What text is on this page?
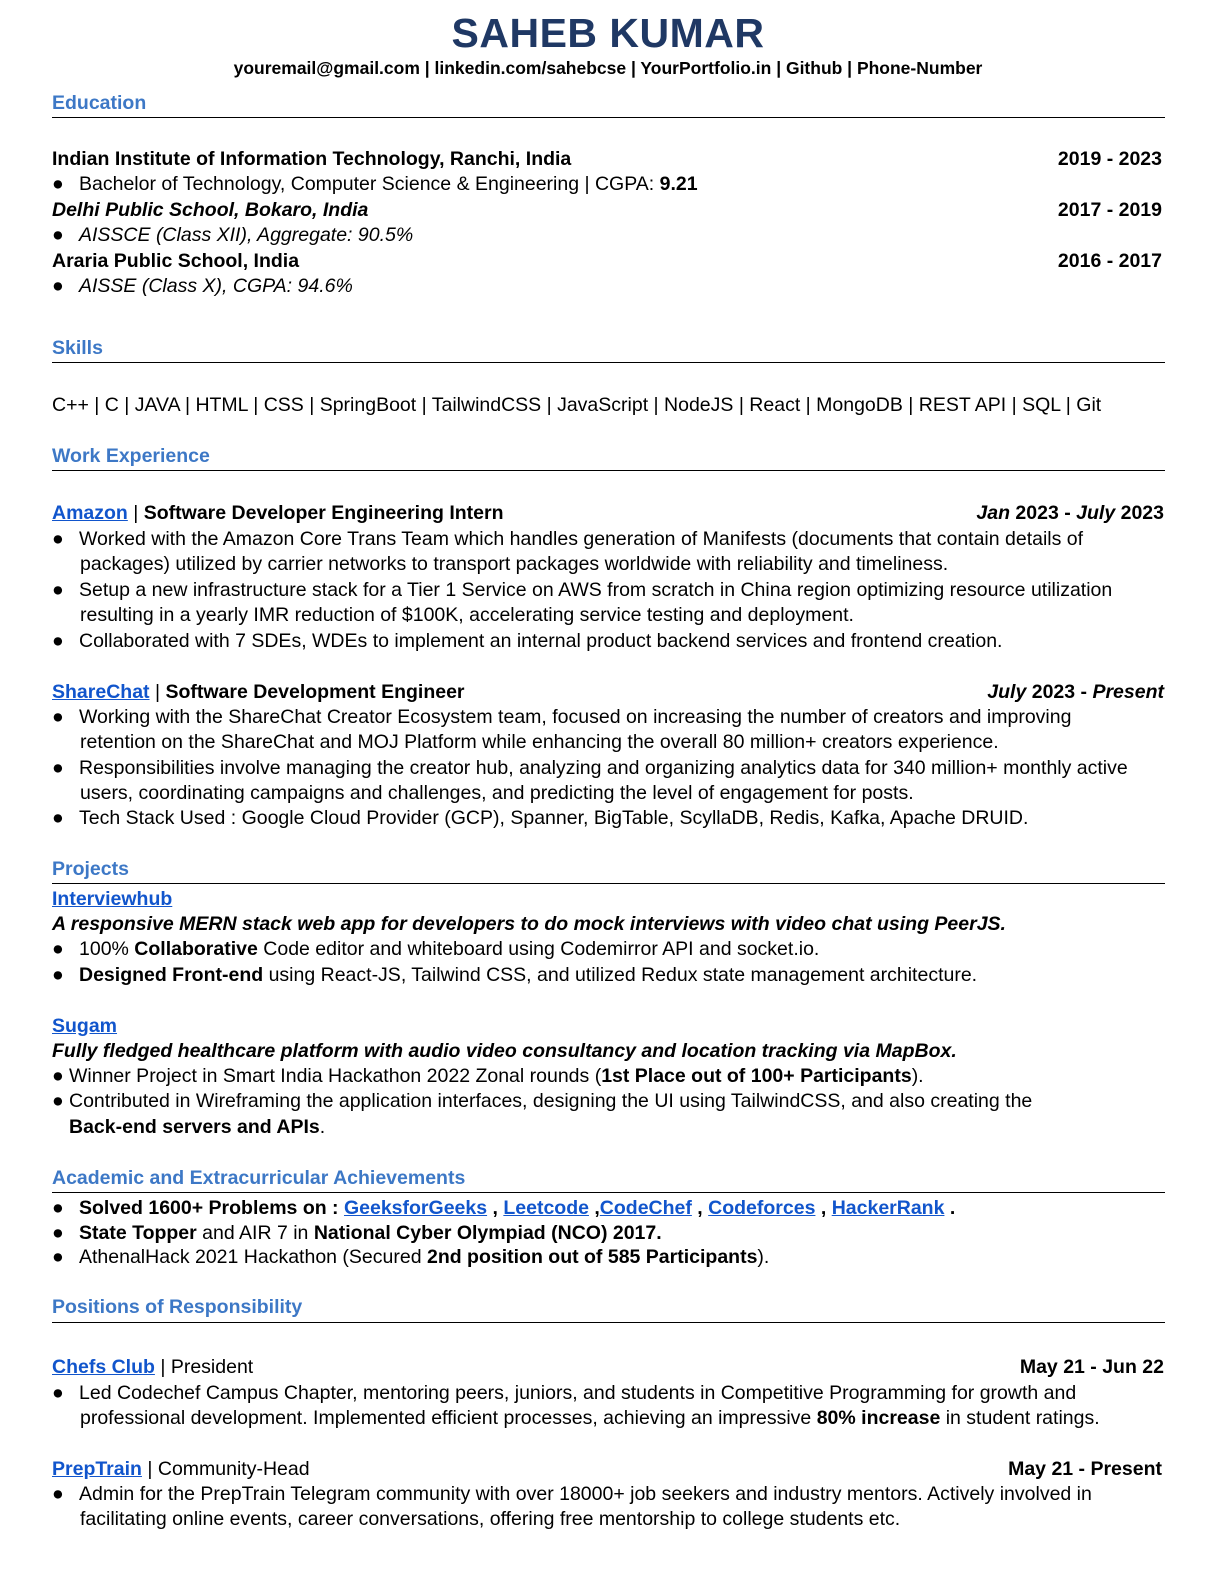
SAHEB KUMAR
youremail@gmail.com | linkedin.com/sahebcse | YourPortfolio.in | Github | Phone-Number
Education
Indian Institute of Information Technology, Ranchi, India	2019 - 2023
● Bachelor of Technology, Computer Science & Engineering | CGPA: 9.21
Delhi Public School, Bokaro, India	2017 - 2019
● AISSCE (Class XII), Aggregate: 90.5%
Araria Public School, India	2016 - 2017
● AISSE (Class X), CGPA: 94.6%
Skills
C++ | C | JAVA | HTML | CSS | SpringBoot | TailwindCSS | JavaScript | NodeJS | React | MongoDB | REST API | SQL | Git
Work Experience
Amazon | Software Developer Engineering Intern	Jan 2023 - July 2023
● Worked with the Amazon Core Trans Team which handles generation of Manifests (documents that contain details of
packages) utilized by carrier networks to transport packages worldwide with reliability and timeliness.
● Setup a new infrastructure stack for a Tier 1 Service on AWS from scratch in China region optimizing resource utilization
resulting in a yearly IMR reduction of $100K, accelerating service testing and deployment.
● Collaborated with 7 SDEs, WDEs to implement an internal product backend services and frontend creation.
ShareChat | Software Development Engineer	July 2023 - Present
● Working with the ShareChat Creator Ecosystem team, focused on increasing the number of creators and improving
retention on the ShareChat and MOJ Platform while enhancing the overall 80 million+ creators experience.
● Responsibilities involve managing the creator hub, analyzing and organizing analytics data for 340 million+ monthly active
users, coordinating campaigns and challenges, and predicting the level of engagement for posts.
● Tech Stack Used : Google Cloud Provider (GCP), Spanner, BigTable, ScyllaDB, Redis, Kafka, Apache DRUID.
Projects
Interviewhub
A responsive MERN stack web app for developers to do mock interviews with video chat using PeerJS.
● 100% Collaborative Code editor and whiteboard using Codemirror API and socket.io.
● Designed Front-end using React-JS, Tailwind CSS, and utilized Redux state management architecture.
Sugam
Fully fledged healthcare platform with audio video consultancy and location tracking via MapBox.
● Winner Project in Smart India Hackathon 2022 Zonal rounds (1st Place out of 100+ Participants).
● Contributed in Wireframing the application interfaces, designing the UI using TailwindCSS, and also creating the
Back-end servers and APIs.
Academic and Extracurricular Achievements
● Solved 1600+ Problems on : GeeksforGeeks , Leetcode ,CodeChef , Codeforces , HackerRank .
● State Topper and AIR 7 in National Cyber Olympiad (NCO) 2017.
● AthenalHack 2021 Hackathon (Secured 2nd position out of 585 Participants).
Positions of Responsibility
Chefs Club | President	May 21 - Jun 22
● Led Codechef Campus Chapter, mentoring peers, juniors, and students in Competitive Programming for growth and
professional development. Implemented efficient processes, achieving an impressive 80% increase in student ratings.
PrepTrain | Community-Head	May 21 - Present
● Admin for the PrepTrain Telegram community with over 18000+ job seekers and industry mentors. Actively involved in
facilitating online events, career conversations, offering free mentorship to college students etc.
